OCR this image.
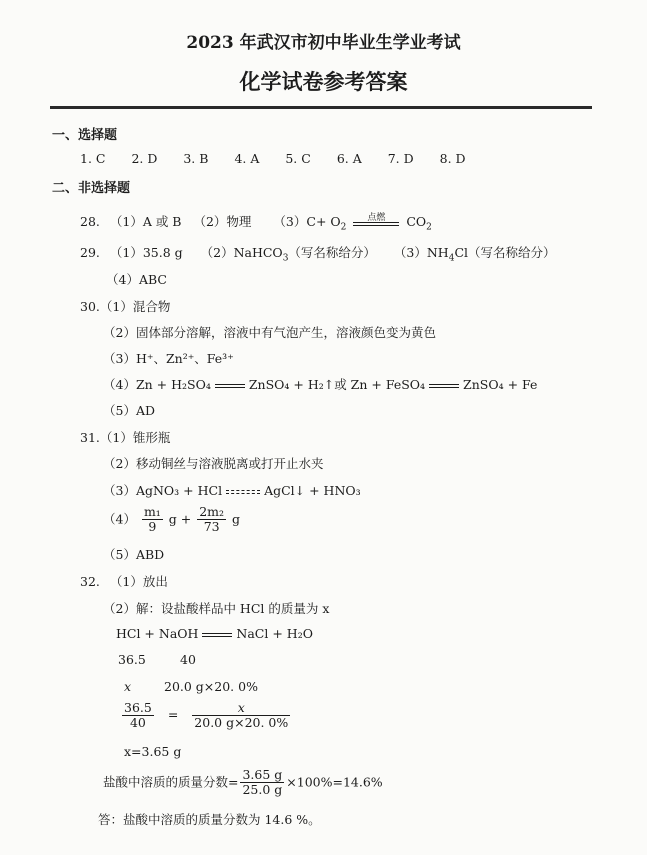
2023 年武汉市初中毕业生学业考试
化学试卷参考答案
一、选择题
1. C 2. D 3. B 4. A 5. C 6. A 7. D 8. D
二、非选择题
28. （1）A 或 B （2）物理 $(3)C+ O_2$
点燃	$CO_2$
29. （1）35.8 g （2）NaHCO$_3$（写名称给分） $(3)NH_4Cl$（写名称给分）
（4）ABC
30.（1）混合物
（2）固体部分溶解，溶液中有气泡产生，溶液颜色变为黄色
（3）H⁺、Zn²⁺、Fe³⁺
（4）Zn + H₂SO₄	ZnSO₄ + H₂↑或 Zn + FeSO₄	ZnSO₄ + Fe
（5）AD
31.（1）锥形瓶
（2）移动铜丝与溶液脱离或打开止水夹
（3）AgNO₃ + HCl	AgCl↓ + HNO₃
$(4) \frac{\text{m₁}}{9}$ $g + \frac{\text{2m₂}}{73}$ g
（5）ABD
32. （1）放出
（2）解：设盐酸样品中 HCl 的质量为 x
HCl + NaOH	NaCl + H₂O
36.5	40
x	20.0 g×20. 0%
$\frac{36.5}{40} = \frac{x}{20.0 g\times 20. 0\%}$
x=3.65 g
盐酸中溶质的质量分数= $\frac{3.65 g}{25.0 g} \times 100\%=14.6\%$
答：盐酸中溶质的质量分数为 14.6 %。
